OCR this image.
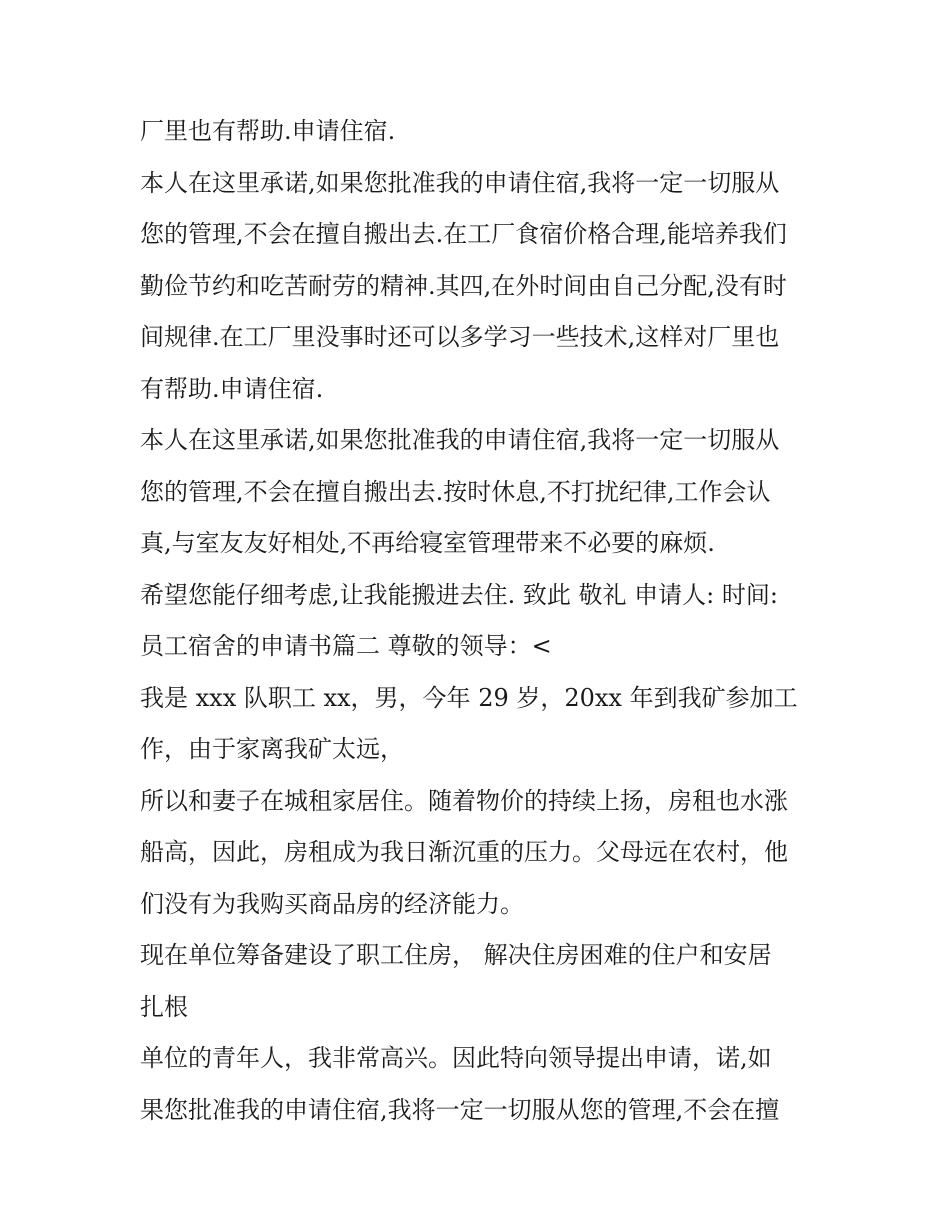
厂里也有帮助.申请住宿.
本人在这里承诺,如果您批准我的申请住宿,我将一定一切服从
您的管理,不会在擅自搬出去.在工厂食宿价格合理,能培养我们
勤俭节约和吃苦耐劳的精神.其四,在外时间由自己分配,没有时
间规律.在工厂里没事时还可以多学习一些技术,这样对厂里也
有帮助.申请住宿.
本人在这里承诺,如果您批准我的申请住宿,我将一定一切服从
您的管理,不会在擅自搬出去.按时休息,不打扰纪律,工作会认
真,与室友友好相处,不再给寝室管理带来不必要的麻烦.
希望您能仔细考虑,让我能搬进去住. 致此 敬礼 申请人: 时间:
员工宿舍的申请书篇二 尊敬的领导：<
我是 xxx 队职工 xx，男，今年 29 岁，20xx 年到我矿参加工
作，由于家离我矿太远，
所以和妻子在城租家居住。随着物价的持续上扬，房租也水涨
船高，因此，房租成为我日渐沉重的压力。父母远在农村，他
们没有为我购买商品房的经济能力。
现在单位筹备建设了职工住房， 解决住房困难的住户和安居
扎根
单位的青年人，我非常高兴。因此特向领导提出申请，诺,如
果您批准我的申请住宿,我将一定一切服从您的管理,不会在擅
